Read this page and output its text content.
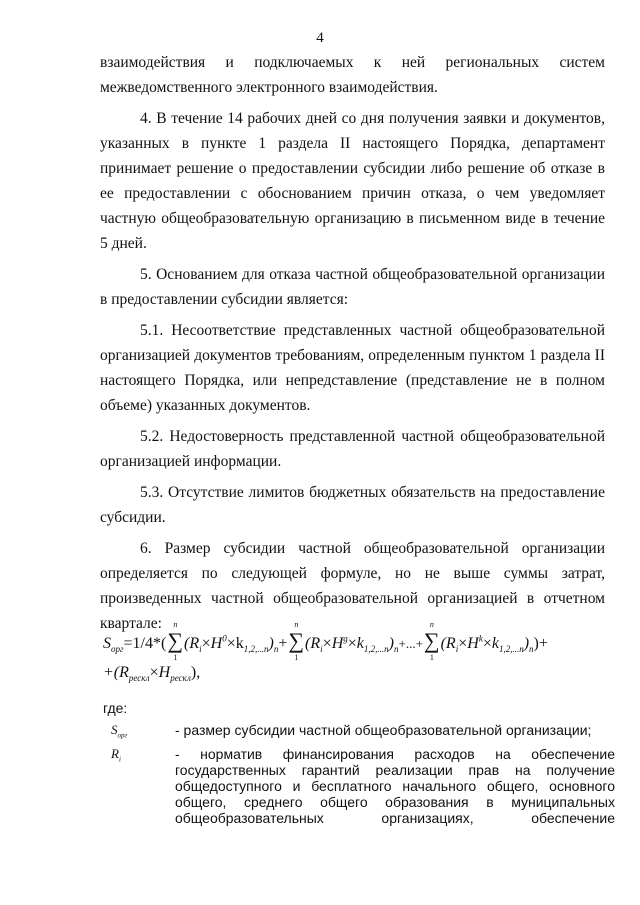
4

взаимодействия и подключаемых к ней региональных систем межведомственного электронного взаимодействия.

4. В течение 14 рабочих дней со дня получения заявки и документов, указанных в пункте 1 раздела II настоящего Порядка, департамент принимает решение о предоставлении субсидии либо решение об отказе в ее предоставлении с обоснованием причин отказа, о чем уведомляет частную общеобразовательную организацию в письменном виде в течение 5 дней.

5. Основанием для отказа частной общеобразовательной организации в предоставлении субсидии является:

5.1. Несоответствие представленных частной общеобразовательной организацией документов требованиям, определенным пунктом 1 раздела II настоящего Порядка, или непредставление (представление не в полном объеме) указанных документов.

5.2. Недостоверность представленной частной общеобразовательной организацией информации.

5.3. Отсутствие лимитов бюджетных обязательств на предоставление субсидии.

6. Размер субсидии частной общеобразовательной организации определяется по следующей формуле, но не выше суммы затрат, произведенных частной общеобразовательной организацией в отчетном квартале:

$S_{орг}=1/4*(\sum$
n
1
$(R_i\times H^0\times k_{1,2,...n})_n+\sum$
n
1
$(R_i\times H^g\times k_{1,2,...n})_n+...+\sum$
n
1
$(R_i\times H^k\times k_{1,2,...n})_n)+$
$+(R_{рескл}\times H_{рескл})$,
где:
$S_{орг}$	- размер субсидии частной общеобразовательной организации;
$R_i$	- норматив финансирования расходов на обеспечение государственных гарантий реализации прав на получение общедоступного и бесплатного начального общего, основного общего, среднего общего образования в муниципальных общеобразовательных организациях, обеспечение
